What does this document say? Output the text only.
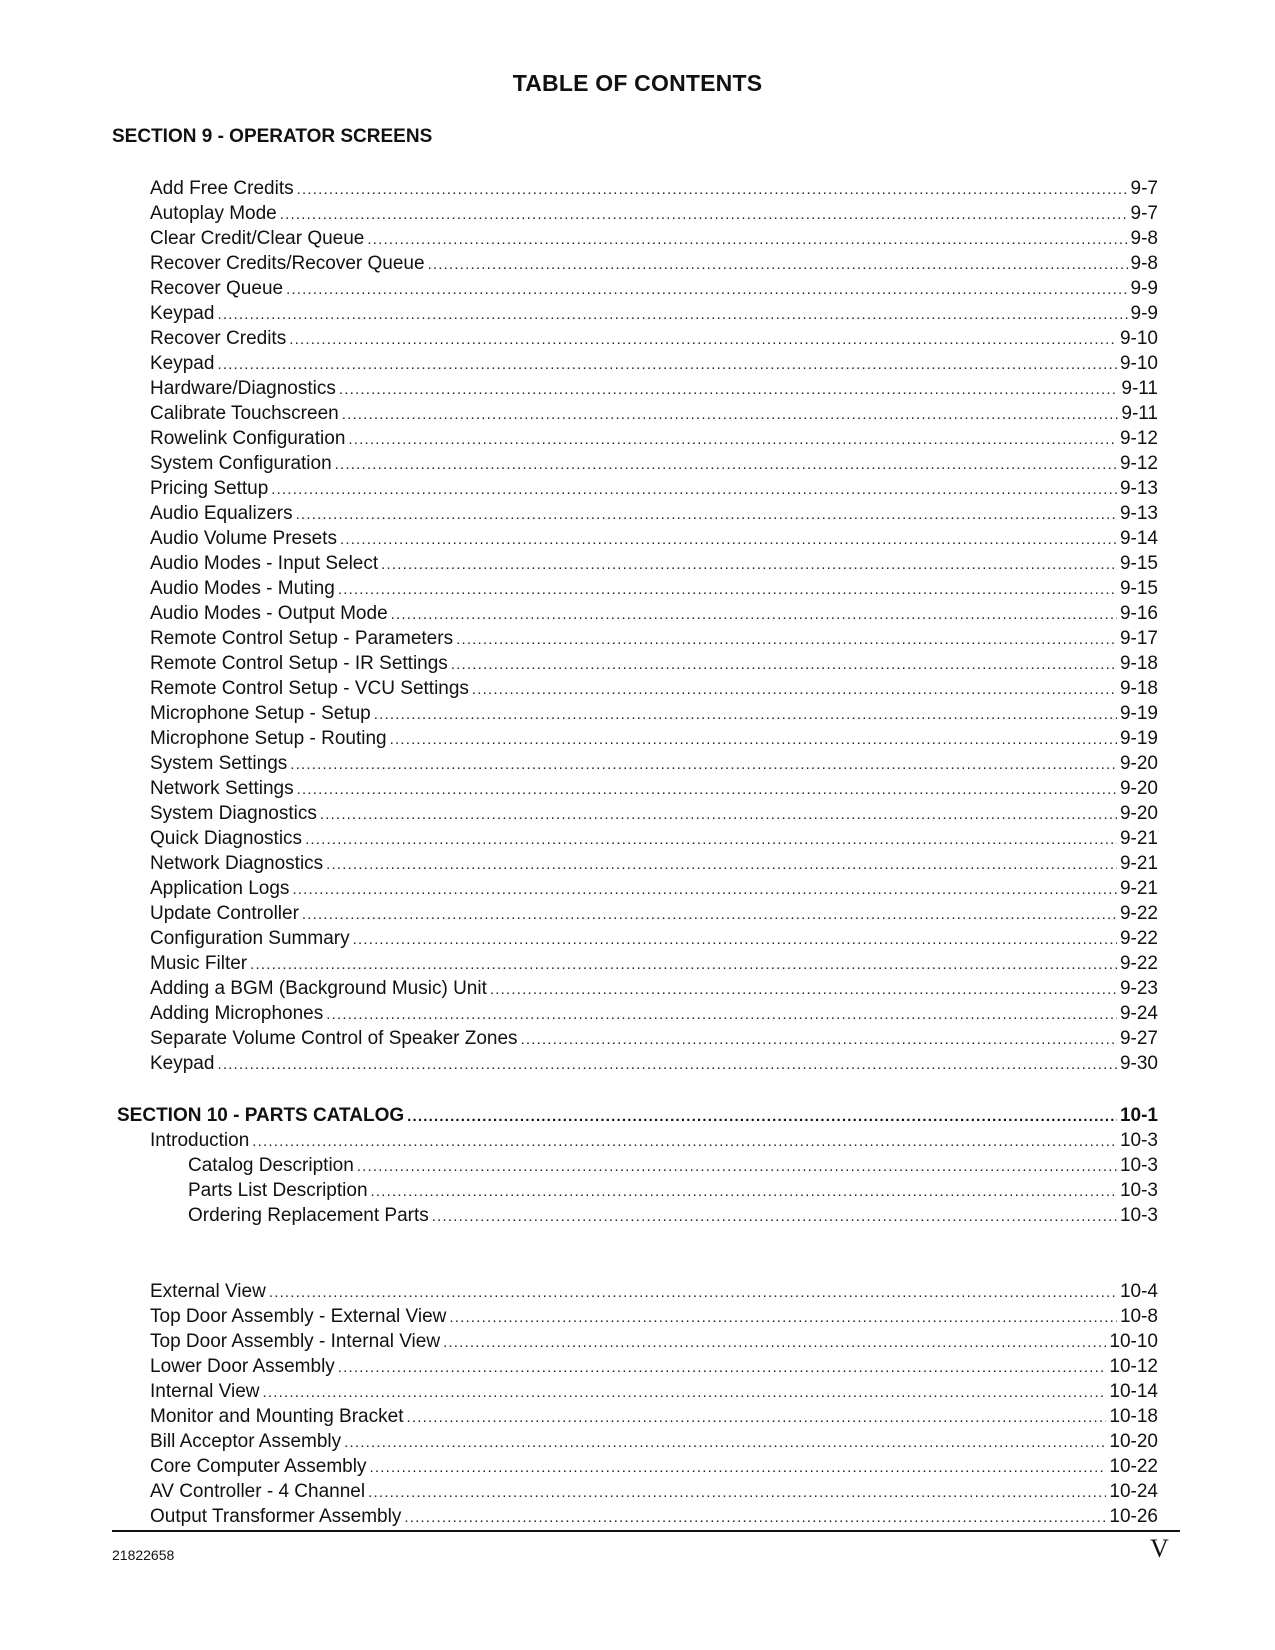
TABLE OF CONTENTS
SECTION 9 - OPERATOR SCREENS
Add Free Credits .....	9-7
Autoplay Mode .....	9-7
Clear Credit/Clear Queue .....	9-8
Recover Credits/Recover Queue .....	9-8
Recover Queue .....	9-9
Keypad .....	9-9
Recover Credits .....	9-10
Keypad .....	9-10
Hardware/Diagnostics .....	9-11
Calibrate Touchscreen .....	9-11
Rowelink Configuration .....	9-12
System Configuration .....	9-12
Pricing Settup .....	9-13
Audio Equalizers .....	9-13
Audio Volume Presets .....	9-14
Audio Modes - Input Select .....	9-15
Audio Modes - Muting .....	9-15
Audio Modes - Output Mode .....	9-16
Remote Control Setup - Parameters .....	9-17
Remote Control Setup - IR Settings .....	9-18
Remote Control Setup - VCU Settings .....	9-18
Microphone Setup - Setup .....	9-19
Microphone Setup - Routing .....	9-19
System Settings .....	9-20
Network Settings .....	9-20
System Diagnostics .....	9-20
Quick Diagnostics .....	9-21
Network Diagnostics .....	9-21
Application Logs .....	9-21
Update Controller .....	9-22
Configuration Summary .....	9-22
Music Filter .....	9-22
Adding a BGM (Background Music) Unit .....	9-23
Adding Microphones .....	9-24
Separate Volume Control of Speaker Zones .....	9-27
Keypad .....	9-30
SECTION 10 - PARTS CATALOG .....	10-1
Introduction .....	10-3
Catalog Description .....	10-3
Parts List Description .....	10-3
Ordering Replacement Parts .....	10-3
External View .....	10-4
Top Door Assembly - External View .....	10-8
Top Door Assembly - Internal View .....	10-10
Lower Door Assembly .....	10-12
Internal View .....	10-14
Monitor and Mounting Bracket .....	10-18
Bill Acceptor Assembly .....	10-20
Core Computer Assembly .....	10-22
AV Controller - 4 Channel .....	10-24
Output Transformer Assembly .....	10-26
21822658	V
